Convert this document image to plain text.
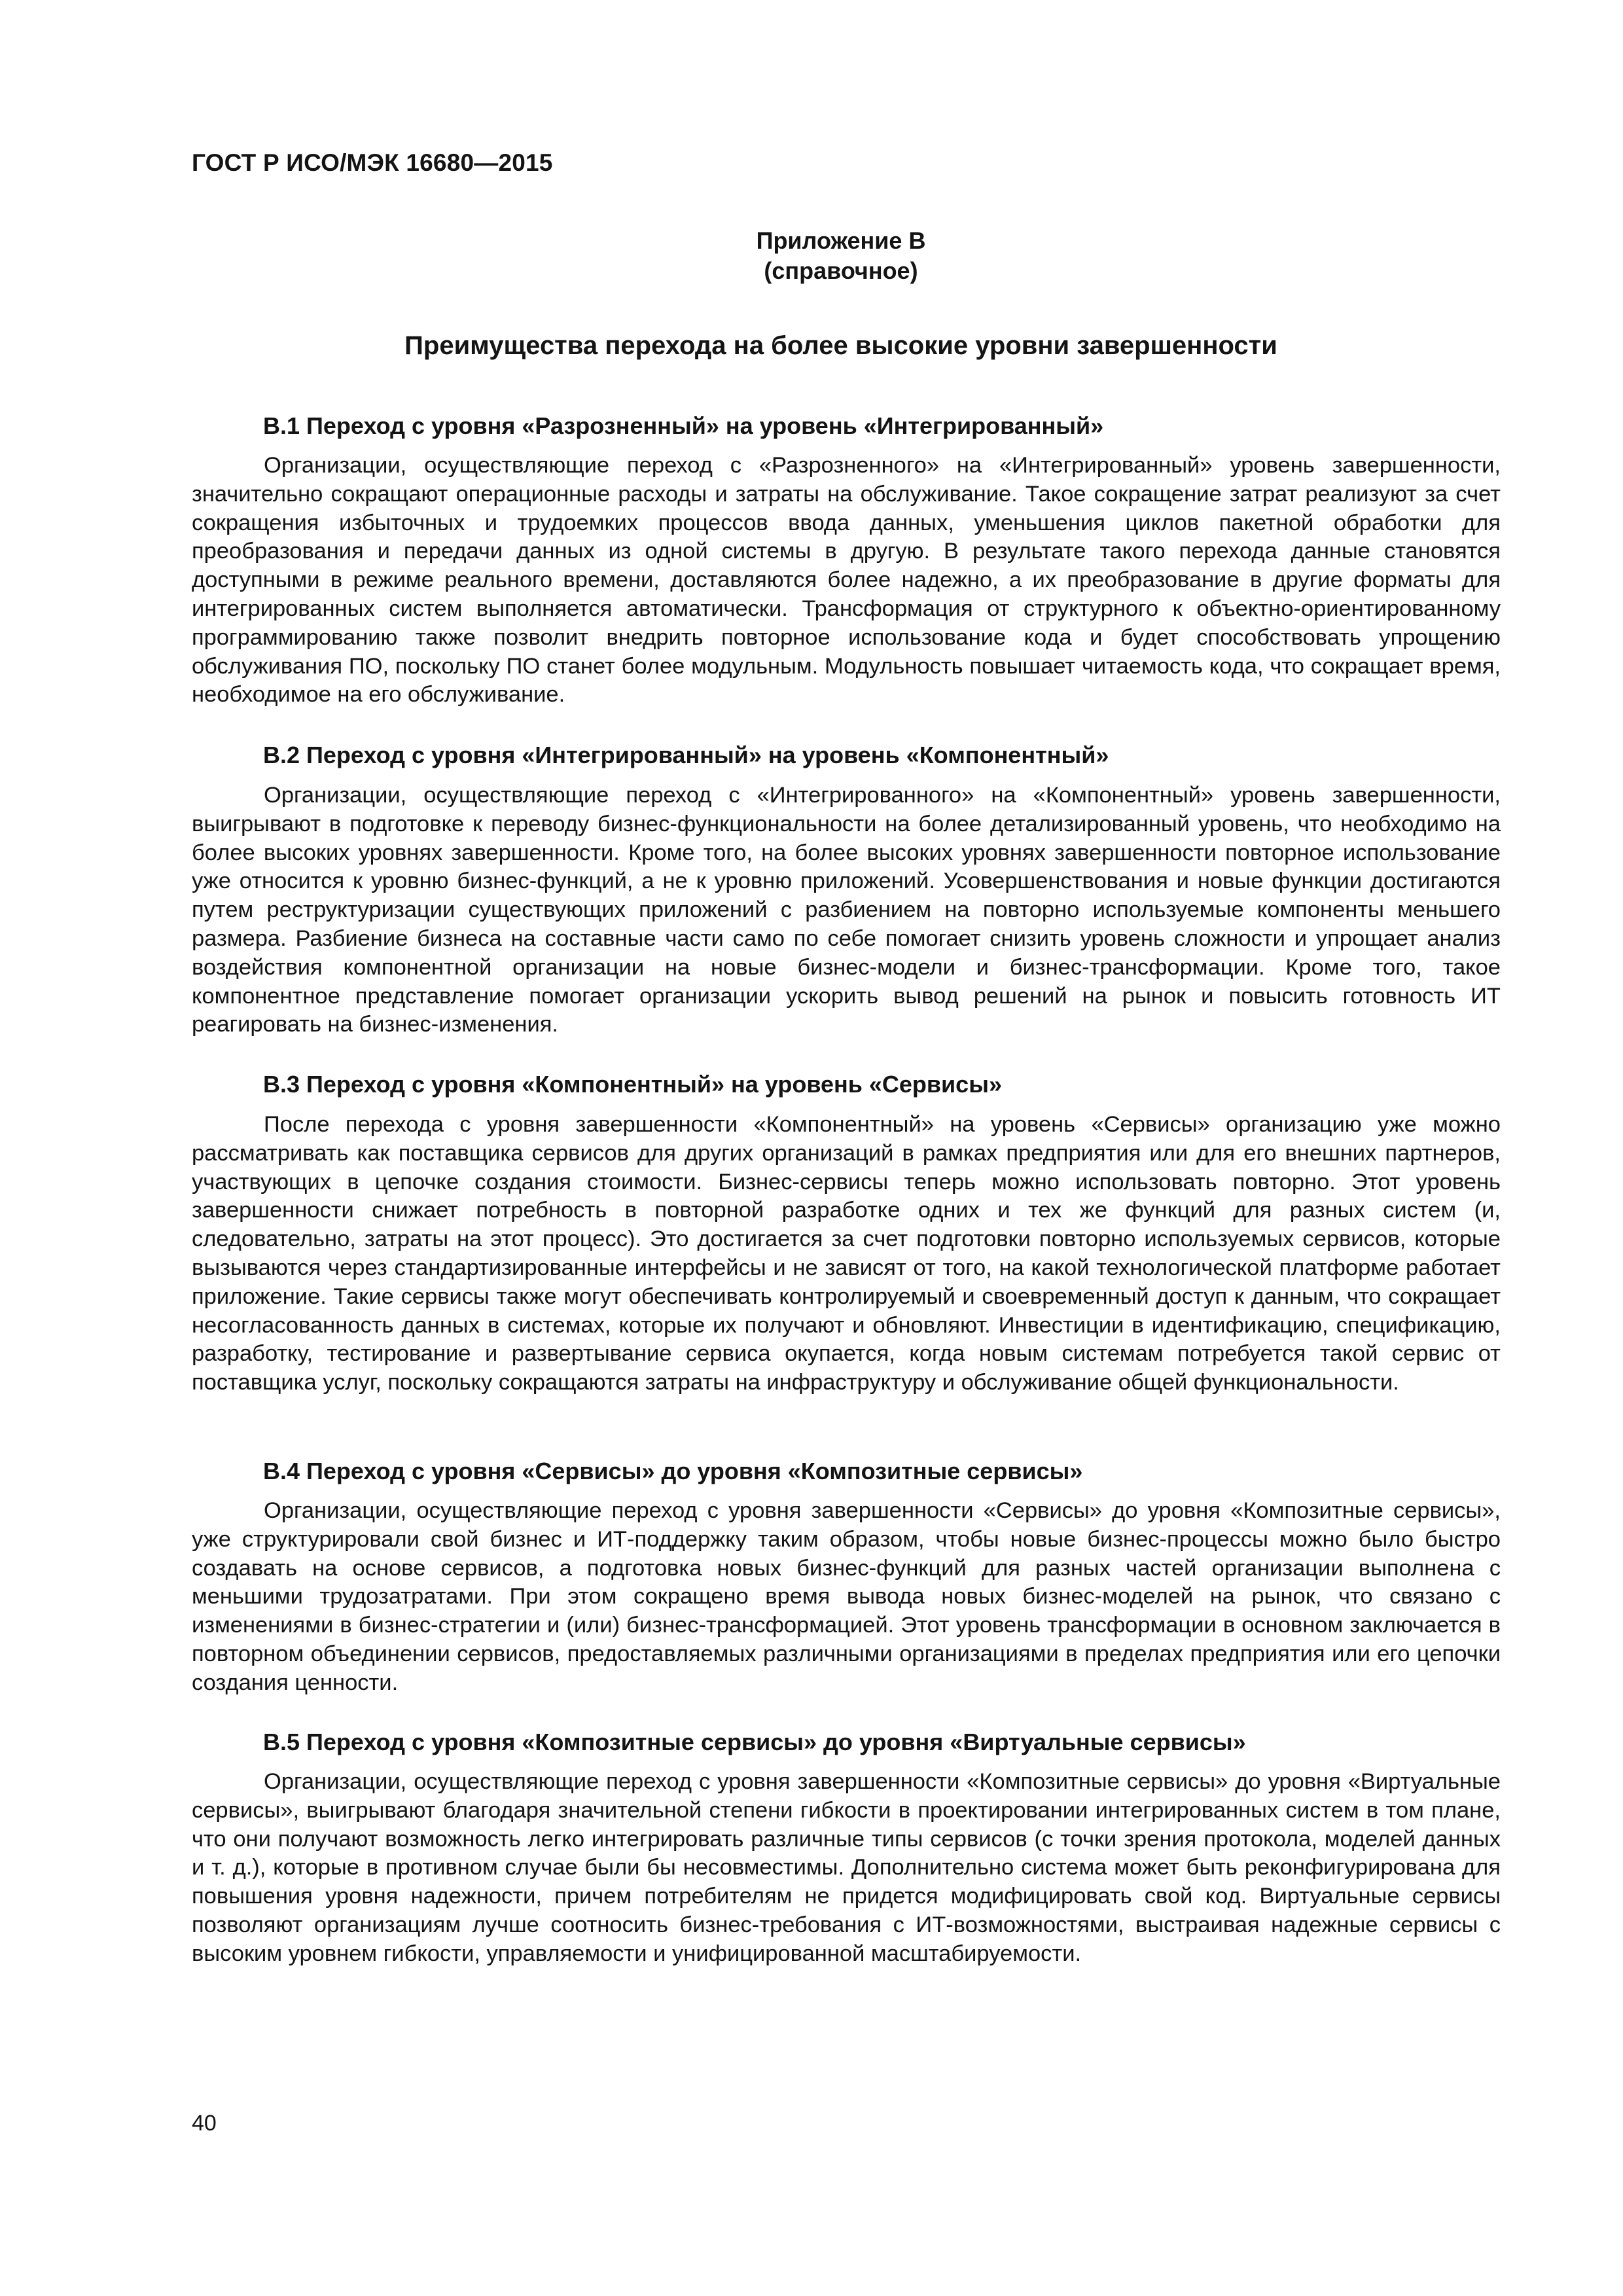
ГОСТ Р ИСО/МЭК 16680—2015
Приложение В
(справочное)
Преимущества перехода на более высокие уровни завершенности
В.1 Переход с уровня «Разрозненный» на уровень «Интегрированный»

Организации, осуществляющие переход с «Разрозненного» на «Интегрированный» уровень завершенности, значительно сокращают операционные расходы и затраты на обслуживание. Такое сокращение затрат реализуют за счет сокращения избыточных и трудоемких процессов ввода данных, уменьшения циклов пакетной обработки для преобразования и передачи данных из одной системы в другую. В результате такого перехода данные становятся доступными в режиме реального времени, доставляются более надежно, а их преобразование в другие форматы для интегрированных систем выполняется автоматически. Трансформация от структурного к объектно-ориентированному программированию также позволит внедрить повторное использование кода и будет способствовать упрощению обслуживания ПО, поскольку ПО станет более модульным. Модульность повышает читаемость кода, что сокращает время, необходимое на его обслуживание.

В.2 Переход с уровня «Интегрированный» на уровень «Компонентный»

Организации, осуществляющие переход с «Интегрированного» на «Компонентный» уровень завершенности, выигрывают в подготовке к переводу бизнес-функциональности на более детализированный уровень, что необходимо на более высоких уровнях завершенности. Кроме того, на более высоких уровнях завершенности повторное использование уже относится к уровню бизнес-функций, а не к уровню приложений. Усовершенствования и новые функции достигаются путем реструктуризации существующих приложений с разбиением на повторно используемые компоненты меньшего размера. Разбиение бизнеса на составные части само по себе помогает снизить уровень сложности и упрощает анализ воздействия компонентной организации на новые бизнес-модели и бизнес-трансформации. Кроме того, такое компонентное представление помогает организации ускорить вывод решений на рынок и повысить готовность ИТ реагировать на бизнес-изменения.

В.3 Переход с уровня «Компонентный» на уровень «Сервисы»

После перехода с уровня завершенности «Компонентный» на уровень «Сервисы» организацию уже можно рассматривать как поставщика сервисов для других организаций в рамках предприятия или для его внешних партнеров, участвующих в цепочке создания стоимости. Бизнес-сервисы теперь можно использовать повторно. Этот уровень завершенности снижает потребность в повторной разработке одних и тех же функций для разных систем (и, следовательно, затраты на этот процесс). Это достигается за счет подготовки повторно используемых сервисов, которые вызываются через стандартизированные интерфейсы и не зависят от того, на какой технологической платформе работает приложение. Такие сервисы также могут обеспечивать контролируемый и своевременный доступ к данным, что сокращает несогласованность данных в системах, которые их получают и обновляют. Инвестиции в идентификацию, спецификацию, разработку, тестирование и развертывание сервиса окупается, когда новым системам потребуется такой сервис от поставщика услуг, поскольку сокращаются затраты на инфраструктуру и обслуживание общей функциональности.

В.4 Переход с уровня «Сервисы» до уровня «Композитные сервисы»

Организации, осуществляющие переход с уровня завершенности «Сервисы» до уровня «Композитные сервисы», уже структурировали свой бизнес и ИТ-поддержку таким образом, чтобы новые бизнес-процессы можно было быстро создавать на основе сервисов, а подготовка новых бизнес-функций для разных частей организации выполнена с меньшими трудозатратами. При этом сокращено время вывода новых бизнес-моделей на рынок, что связано с изменениями в бизнес-стратегии и (или) бизнес-трансформацией. Этот уровень трансформации в основном заключается в повторном объединении сервисов, предоставляемых различными организациями в пределах предприятия или его цепочки создания ценности.

В.5 Переход с уровня «Композитные сервисы» до уровня «Виртуальные сервисы»

Организации, осуществляющие переход с уровня завершенности «Композитные сервисы» до уровня «Виртуальные сервисы», выигрывают благодаря значительной степени гибкости в проектировании интегрированных систем в том плане, что они получают возможность легко интегрировать различные типы сервисов (с точки зрения протокола, моделей данных и т. д.), которые в противном случае были бы несовместимы. Дополнительно система может быть реконфигурирована для повышения уровня надежности, причем потребителям не придется модифицировать свой код. Виртуальные сервисы позволяют организациям лучше соотносить бизнес-требования с ИТ-возможностями, выстраивая надежные сервисы с высоким уровнем гибкости, управляемости и унифицированной масштабируемости.

40
